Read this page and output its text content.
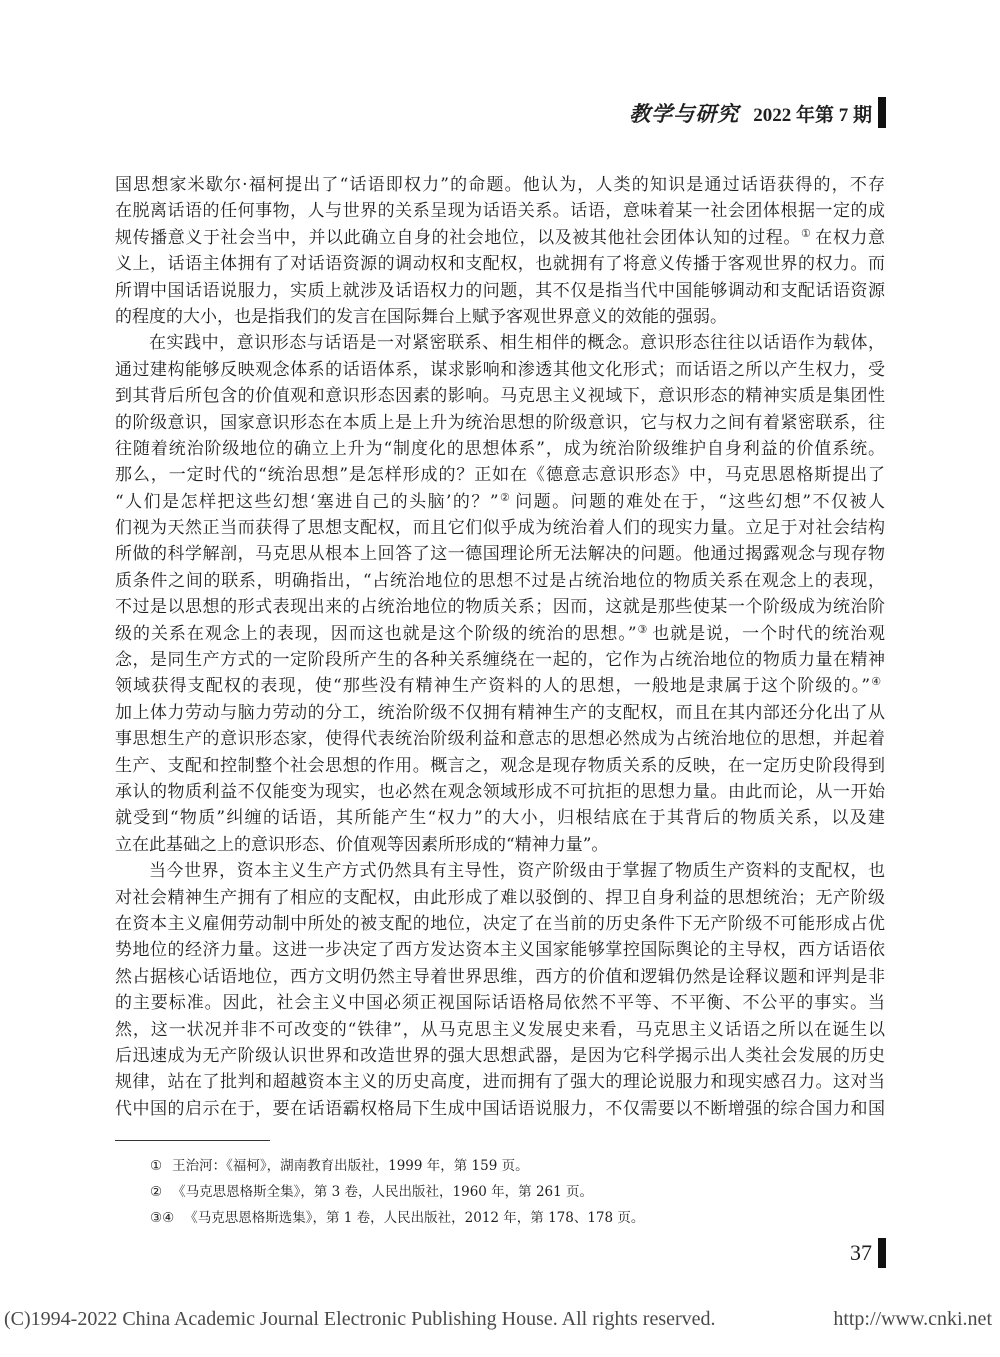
教学与研究 2022 年第 7 期
国思想家米歇尔·福柯提出了“话语即权力”的命题。他认为，人类的知识是通过话语获得的，不存
在脱离话语的任何事物，人与世界的关系呈现为话语关系。话语，意味着某一社会团体根据一定的成
规传播意义于社会当中，并以此确立自身的社会地位，以及被其他社会团体认知的过程。① 在权力意
义上，话语主体拥有了对话语资源的调动权和支配权，也就拥有了将意义传播于客观世界的权力。而
所谓中国话语说服力，实质上就涉及话语权力的问题，其不仅是指当代中国能够调动和支配话语资源
的程度的大小，也是指我们的发言在国际舞台上赋予客观世界意义的效能的强弱。
在实践中，意识形态与话语是一对紧密联系、相生相伴的概念。意识形态往往以话语作为载体，
通过建构能够反映观念体系的话语体系，谋求影响和渗透其他文化形式；而话语之所以产生权力，受
到其背后所包含的价值观和意识形态因素的影响。马克思主义视域下，意识形态的精神实质是集团性
的阶级意识，国家意识形态在本质上是上升为统治思想的阶级意识，它与权力之间有着紧密联系，往
往随着统治阶级地位的确立上升为“制度化的思想体系”，成为统治阶级维护自身利益的价值系统。
那么，一定时代的“统治思想”是怎样形成的？正如在《德意志意识形态》中，马克思恩格斯提出了
“人们是怎样把这些幻想‘塞进自己的头脑’的？”② 问题。问题的难处在于，“这些幻想”不仅被人
们视为天然正当而获得了思想支配权，而且它们似乎成为统治着人们的现实力量。立足于对社会结构
所做的科学解剖，马克思从根本上回答了这一德国理论所无法解决的问题。他通过揭露观念与现存物
质条件之间的联系，明确指出，“占统治地位的思想不过是占统治地位的物质关系在观念上的表现，
不过是以思想的形式表现出来的占统治地位的物质关系；因而，这就是那些使某一个阶级成为统治阶
级的关系在观念上的表现，因而这也就是这个阶级的统治的思想。”③ 也就是说，一个时代的统治观
念，是同生产方式的一定阶段所产生的各种关系缠绕在一起的，它作为占统治地位的物质力量在精神
领域获得支配权的表现，使“那些没有精神生产资料的人的思想，一般地是隶属于这个阶级的。”④
加上体力劳动与脑力劳动的分工，统治阶级不仅拥有精神生产的支配权，而且在其内部还分化出了从
事思想生产的意识形态家，使得代表统治阶级利益和意志的思想必然成为占统治地位的思想，并起着
生产、支配和控制整个社会思想的作用。概言之，观念是现存物质关系的反映，在一定历史阶段得到
承认的物质利益不仅能变为现实，也必然在观念领域形成不可抗拒的思想力量。由此而论，从一开始
就受到“物质”纠缠的话语，其所能产生“权力”的大小，归根结底在于其背后的物质关系，以及建
立在此基础之上的意识形态、价值观等因素所形成的“精神力量”。
当今世界，资本主义生产方式仍然具有主导性，资产阶级由于掌握了物质生产资料的支配权，也
对社会精神生产拥有了相应的支配权，由此形成了难以驳倒的、捍卫自身利益的思想统治；无产阶级
在资本主义雇佣劳动制中所处的被支配的地位，决定了在当前的历史条件下无产阶级不可能形成占优
势地位的经济力量。这进一步决定了西方发达资本主义国家能够掌控国际舆论的主导权，西方话语依
然占据核心话语地位，西方文明仍然主导着世界思维，西方的价值和逻辑仍然是诠释议题和评判是非
的主要标准。因此，社会主义中国必须正视国际话语格局依然不平等、不平衡、不公平的事实。当
然，这一状况并非不可改变的“铁律”，从马克思主义发展史来看，马克思主义话语之所以在诞生以
后迅速成为无产阶级认识世界和改造世界的强大思想武器，是因为它科学揭示出人类社会发展的历史
规律，站在了批判和超越资本主义的历史高度，进而拥有了强大的理论说服力和现实感召力。这对当
代中国的启示在于，要在话语霸权格局下生成中国话语说服力，不仅需要以不断增强的综合国力和国
① 王治河：《福柯》，湖南教育出版社，1999 年，第 159 页。
② 《马克思恩格斯全集》，第 3 卷，人民出版社，1960 年，第 261 页。
③④ 《马克思恩格斯选集》，第 1 卷，人民出版社，2012 年，第 178、178 页。
37
(C)1994-2022 China Academic Journal Electronic Publishing House. All rights reserved.	http://www.cnki.net
